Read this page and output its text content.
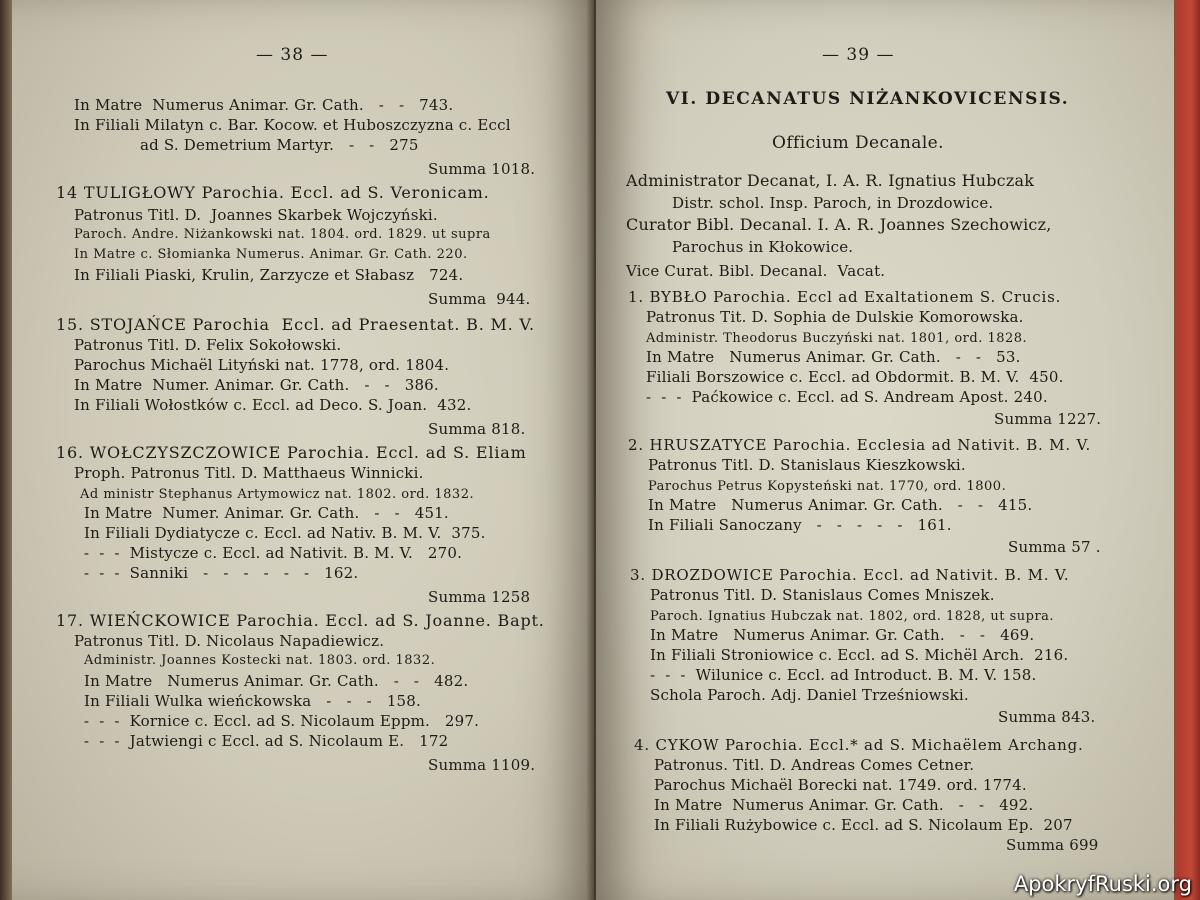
— 38 —
In Matre  Numerus Animar. Gr. Cath.   -   -   743.
In Filiali Milatyn c. Bar. Kocow. et Huboszczyzna c. Eccl
ad S. Demetrium Martyr.   -   -   275
Summa 1018.
14 TULIGŁOWY Parochia. Eccl. ad S. Veronicam.
Patronus Titl. D.  Joannes Skarbek Wojczyński.
Paroch. Andre. Niżankowski nat. 1804. ord. 1829. ut supra
In Matre c. Słomianka Numerus. Animar. Gr. Cath. 220.
In Filiali Piaski, Krulin, Zarzycze et Słabasz   724.
Summa  944.
15. STOJAŃCE Parochia  Eccl. ad Praesentat. B. M. V.
Patronus Titl. D. Felix Sokołowski.
Parochus Michaël Lityński nat. 1778, ord. 1804.
In Matre  Numer. Animar. Gr. Cath.   -   -   386.
In Filiali Wołostków c. Eccl. ad Deco. S. Joan.  432.
Summa 818.
16. WOŁCZYSZCZOWICE Parochia. Eccl. ad S. Eliam
Proph. Patronus Titl. D. Matthaeus Winnicki.
Ad ministr Stephanus Artymowicz nat. 1802. ord. 1832.
In Matre  Numer. Animar. Gr. Cath.   -   -   451.
In Filiali Dydiatycze c. Eccl. ad Nativ. B. M. V.  375.
-  -  -  Mistycze c. Eccl. ad Nativit. B. M. V.   270.
-  -  -  Sanniki   -   -   -   -   -   -   162.
Summa 1258
17. WIEŃCKOWICE Parochia. Eccl. ad S. Joanne. Bapt.
Patronus Titl. D. Nicolaus Napadiewicz.
Administr. Joannes Kostecki nat. 1803. ord. 1832.
In Matre   Numerus Animar. Gr. Cath.   -   -   482.
In Filiali Wulka wieńckowska   -   -   -   158.
-  -  -  Kornice c. Eccl. ad S. Nicolaum Eppm.   297.
-  -  -  Jatwiengi c Eccl. ad S. Nicolaum E.   172
Summa 1109.
— 39 —
VI. DECANATUS NIŻANKOVICENSIS.
Officium Decanale.
Administrator Decanat, I. A. R. Ignatius Hubczak
Distr. schol. Insp. Paroch, in Drozdowice.
Curator Bibl. Decanal. I. A. R. Joannes Szechowicz,
Parochus in Kłokowice.
Vice Curat. Bibl. Decanal.  Vacat.
1. BYBŁO Parochia. Eccl ad Exaltationem S. Crucis.
Patronus Tit. D. Sophia de Dulskie Komorowska.
Administr. Theodorus Buczyński nat. 1801, ord. 1828.
In Matre   Numerus Animar. Gr. Cath.   -   -   53.
Filiali Borszowice c. Eccl. ad Obdormit. B. M. V.  450.
-  -  -  Paćkowice c. Eccl. ad S. Andream Apost. 240.
Summa 1227.
2. HRUSZATYCE Parochia. Ecclesia ad Nativit. B. M. V.
Patronus Titl. D. Stanislaus Kieszkowski.
Parochus Petrus Kopysteński nat. 1770, ord. 1800.
In Matre   Numerus Animar. Gr. Cath.   -   -   415.
In Filiali Sanoczany   -   -   -   -   -   161.
Summa 57 .
3. DROZDOWICE Parochia. Eccl. ad Nativit. B. M. V.
Patronus Titl. D. Stanislaus Comes Mniszek.
Paroch. Ignatius Hubczak nat. 1802, ord. 1828, ut supra.
In Matre   Numerus Animar. Gr. Cath.   -   -   469.
In Filiali Stroniowice c. Eccl. ad S. Michël Arch.  216.
-  -  -  Wilunice c. Eccl. ad Introduct. B. M. V. 158.
Schola Paroch. Adj. Daniel Trześniowski.
Summa 843.
4. CYKOW Parochia. Eccl.* ad S. Michaëlem Archang.
Patronus. Titl. D. Andreas Comes Cetner.
Parochus Michaël Borecki nat. 1749. ord. 1774.
In Matre  Numerus Animar. Gr. Cath.   -   -   492.
In Filiali Rużybowice c. Eccl. ad S. Nicolaum Ep.  207
Summa 699
ApokryfRuski.org
